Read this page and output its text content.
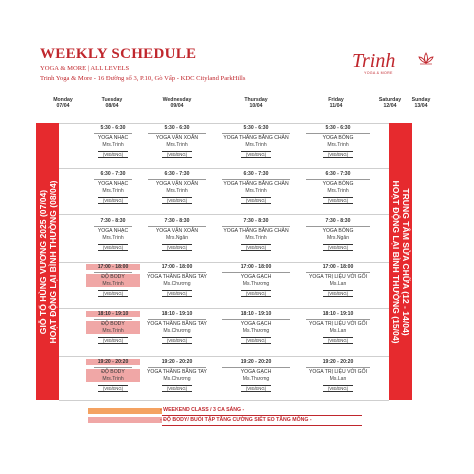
WEEKLY SCHEDULE
YOGA & MORE | ALL LEVELS
Trinh Yoga & More - 16 Đường số 3, P.10, Gò Vấp - KDC Cityland ParkHills
Trinh
YOGA & MORE
Monday
07/04
Tuesday
08/04
Wednesday
09/04
Thursday
10/04
Friday
11/04
Saturday
12/04
Sunday
13/04
GIỖ TỔ HÙNG VƯƠNG 2025 (07/04) HOẠT ĐỘNG LẠI BÌNH THƯỜNG (08/04)	TRUNG TÂM SỬA CHỮA (12 - 14/04)
HOẠT ĐỘNG LẠI BÌNH THƯỜNG (15/04)
5:30 - 6:30
YOGA NHẠC
Mrs.Trinh
(VIE/ENG)
6:30 - 7:30
YOGA NHẠC
Mrs.Trinh
(VIE/ENG)
7:30 - 8:30
YOGA NHẠC
Mrs.Trinh
(VIE/ENG)
17:00 - 18:00
ĐỘ BODY
Mrs.Trinh
(VIE/ENG)
18:10 - 19:10
ĐỘ BODY
Mrs.Trinh
(VIE/ENG)
19:20 - 20:20
ĐỘ BODY
Mrs.Trinh
(VIE/ENG)
5:30 - 6:30
YOGA VẶN XOẮN
Mrs.Trinh
(VIE/ENG)
6:30 - 7:30
YOGA VẶN XOẮN
Mrs.Trinh
(VIE/ENG)
7:30 - 8:30
YOGA VẶN XOẮN
Mrs.Ngân
(VIE/ENG)
17:00 - 18:00
YOGA THĂNG BẰNG TAY
Ms.Chương
(VIE/ENG)
18:10 - 19:10
YOGA THĂNG BẰNG TAY
Ms.Chương
(VIE/ENG)
19:20 - 20:20
YOGA THĂNG BẰNG TAY
Ms.Chương
(VIE/ENG)
5:30 - 6:30
YOGA THĂNG BẰNG CHÂN
Mrs.Trinh
(VIE/ENG)
6:30 - 7:30
YOGA THĂNG BẰNG CHÂN
Mrs.Trinh
(VIE/ENG)
7:30 - 8:30
YOGA THĂNG BẰNG CHÂN
Mrs.Trinh
(VIE/ENG)
17:00 - 18:00
YOGA GẠCH
Ms.Thương
(VIE/ENG)
18:10 - 19:10
YOGA GẠCH
Ms.Thương
(VIE/ENG)
19:20 - 20:20
YOGA GẠCH
Ms.Thương
(VIE/ENG)
5:30 - 6:30
YOGA BÓNG
Mrs.Trinh
(VIE/ENG)
6:30 - 7:30
YOGA BÓNG
Mrs.Trinh
(VIE/ENG)
7:30 - 8:30
YOGA BÓNG
Mrs.Ngân
(VIE/ENG)
17:00 - 18:00
YOGA TRỊ LIỆU VỚI GỐI
Ms.Lan
(VIE/ENG)
18:10 - 19:10
YOGA TRỊ LIỆU VỚI GỐI
Ms.Lan
(VIE/ENG)
19:20 - 20:20
YOGA TRỊ LIỆU VỚI GỐI
Ms.Lan
(VIE/ENG)
- WEEKEND CLASS / 3 CA SÁNG -
- ĐỘ BODY/ BUỔI TẬP TĂNG CƯỜNG SIẾT EO TĂNG MÔNG -
